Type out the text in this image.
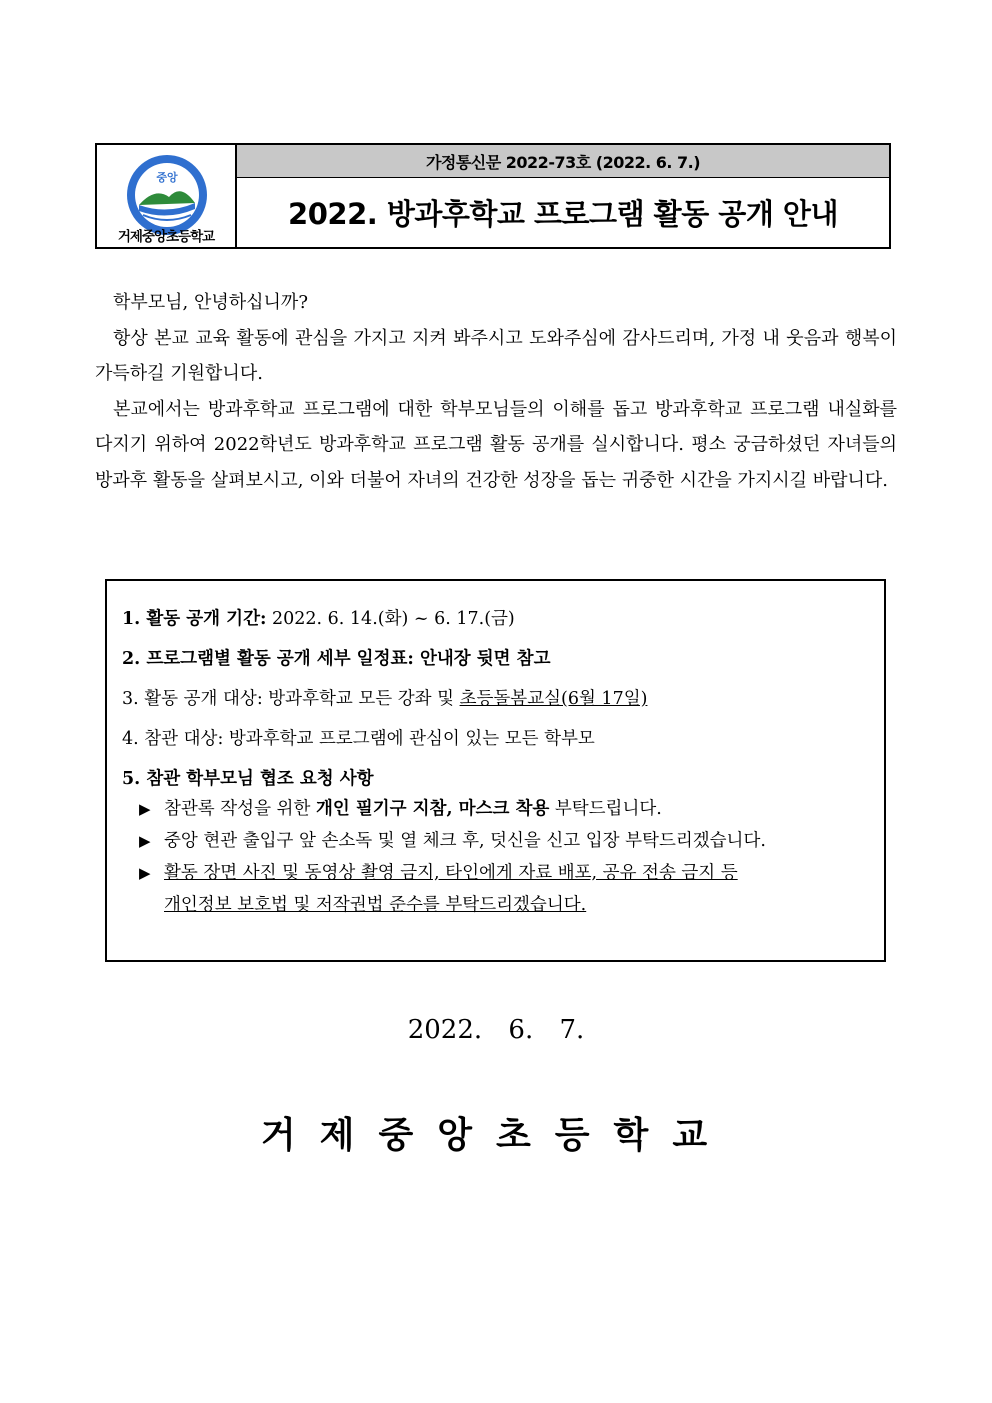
중앙
거제중앙초등학교
가정통신문 2022-73호 (2022. 6. 7.)
2022. 방과후학교 프로그램 활동 공개 안내

학부모님, 안녕하십니까?

항상 본교 교육 활동에 관심을 가지고 지켜 봐주시고 도와주심에 감사드리며, 가정 내 웃음과 행복이 가득하길 기원합니다.

본교에서는 방과후학교 프로그램에 대한 학부모님들의 이해를 돕고 방과후학교 프로그램 내실화를 다지기 위하여 2022학년도 방과후학교 프로그램 활동 공개를 실시합니다. 평소 궁금하셨던 자녀들의 방과후 활동을 살펴보시고, 이와 더불어 자녀의 건강한 성장을 돕는 귀중한 시간을 가지시길 바랍니다.

1. 활동 공개 기간: 2022. 6. 14.(화) ~ 6. 17.(금)
2. 프로그램별 활동 공개 세부 일정표: 안내장 뒷면 참고
3. 활동 공개 대상: 방과후학교 모든 강좌 및 초등돌봄교실(6월 17일)
4. 참관 대상: 방과후학교 프로그램에 관심이 있는 모든 학부모
5. 참관 학부모님 협조 요청 사항
▶ 참관록 작성을 위한 개인 필기구 지참, 마스크 착용 부탁드립니다.
▶ 중앙 현관 출입구 앞 손소독 및 열 체크 후, 덧신을 신고 입장 부탁드리겠습니다.
▶ 활동 장면 사진 및 동영상 촬영 금지, 타인에게 자료 배포, 공유 전송 금지 등
개인정보 보호법 및 저작권법 준수를 부탁드리겠습니다.
2022. 6. 7.
거제중앙초등학교
